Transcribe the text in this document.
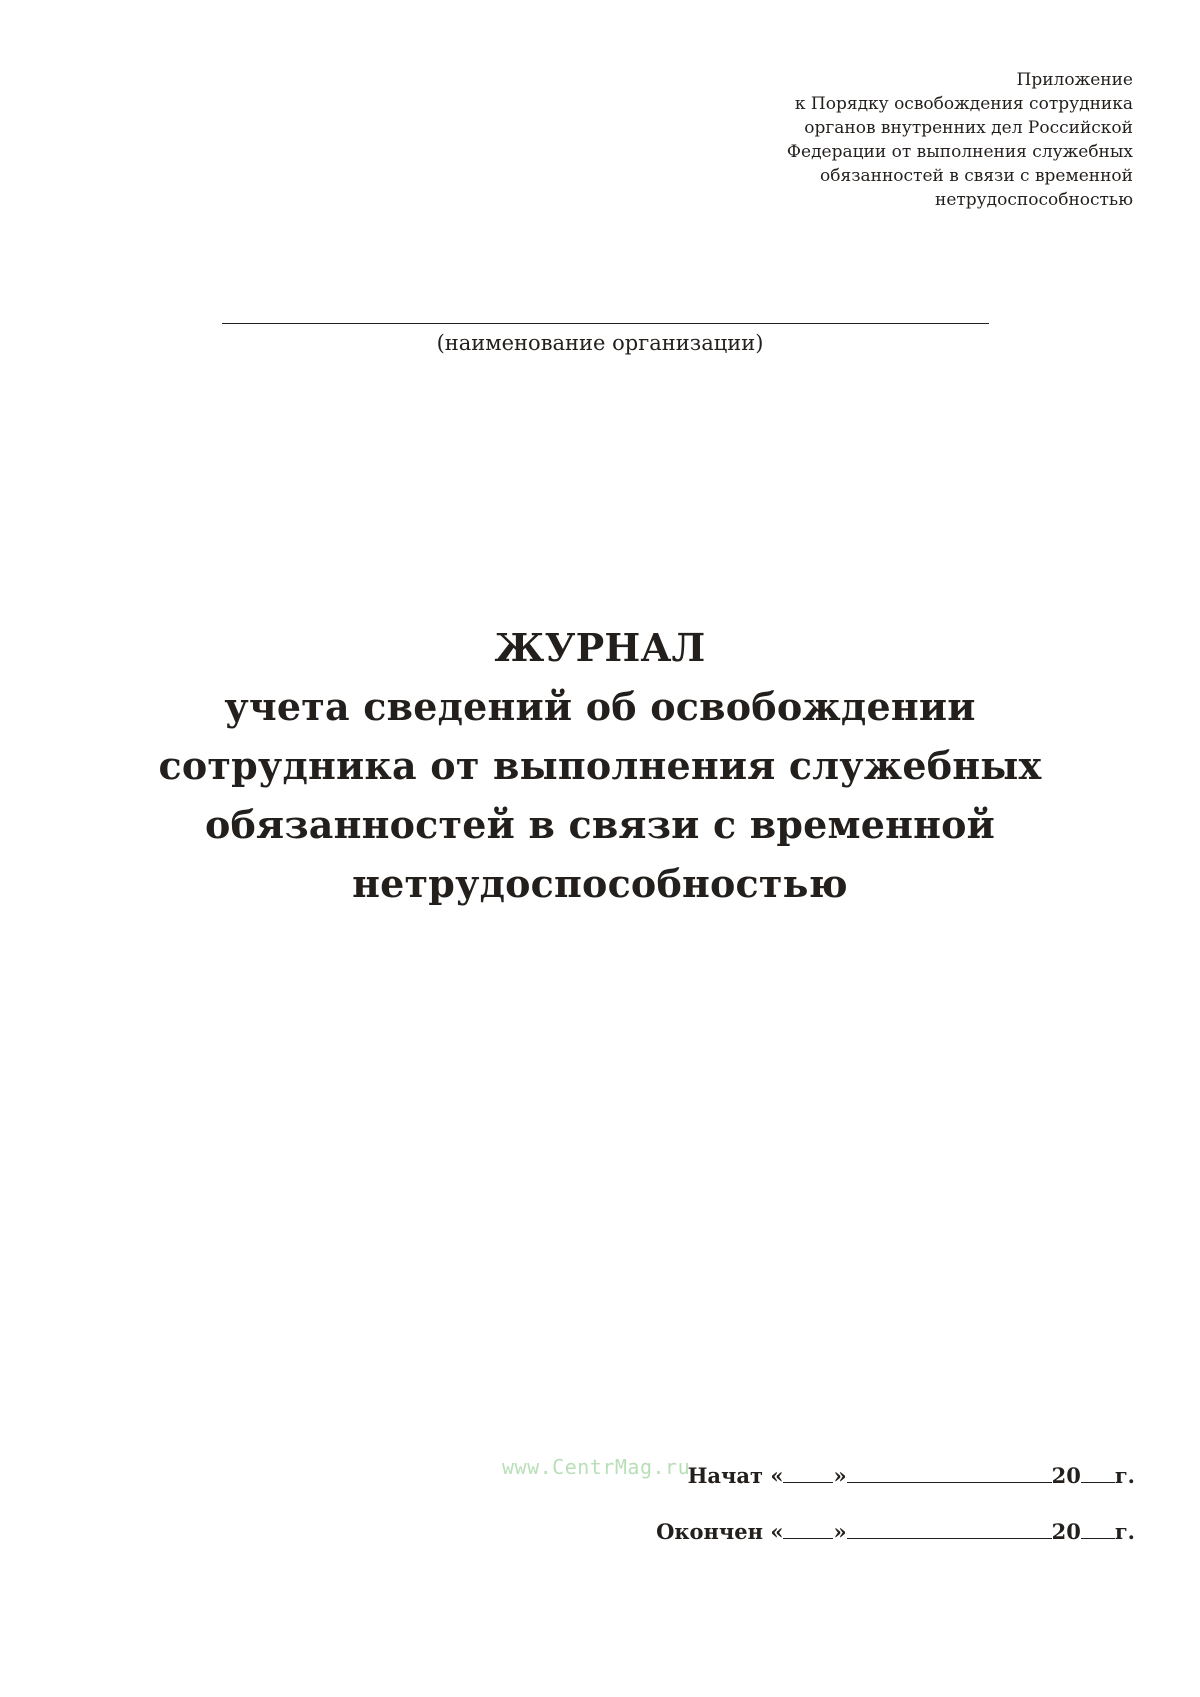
Приложение
к Порядку освобождения сотрудника
органов внутренних дел Российской
Федерации от выполнения служебных
обязанностей в связи с временной
нетрудоспособностью
(наименование организации)
ЖУРНАЛ
учета сведений об освобождении
сотрудника от выполнения служебных
обязанностей в связи с временной
нетрудоспособностью
www.CentrMag.ru
Начат « »	20 г.
Окончен « »	20 г.
